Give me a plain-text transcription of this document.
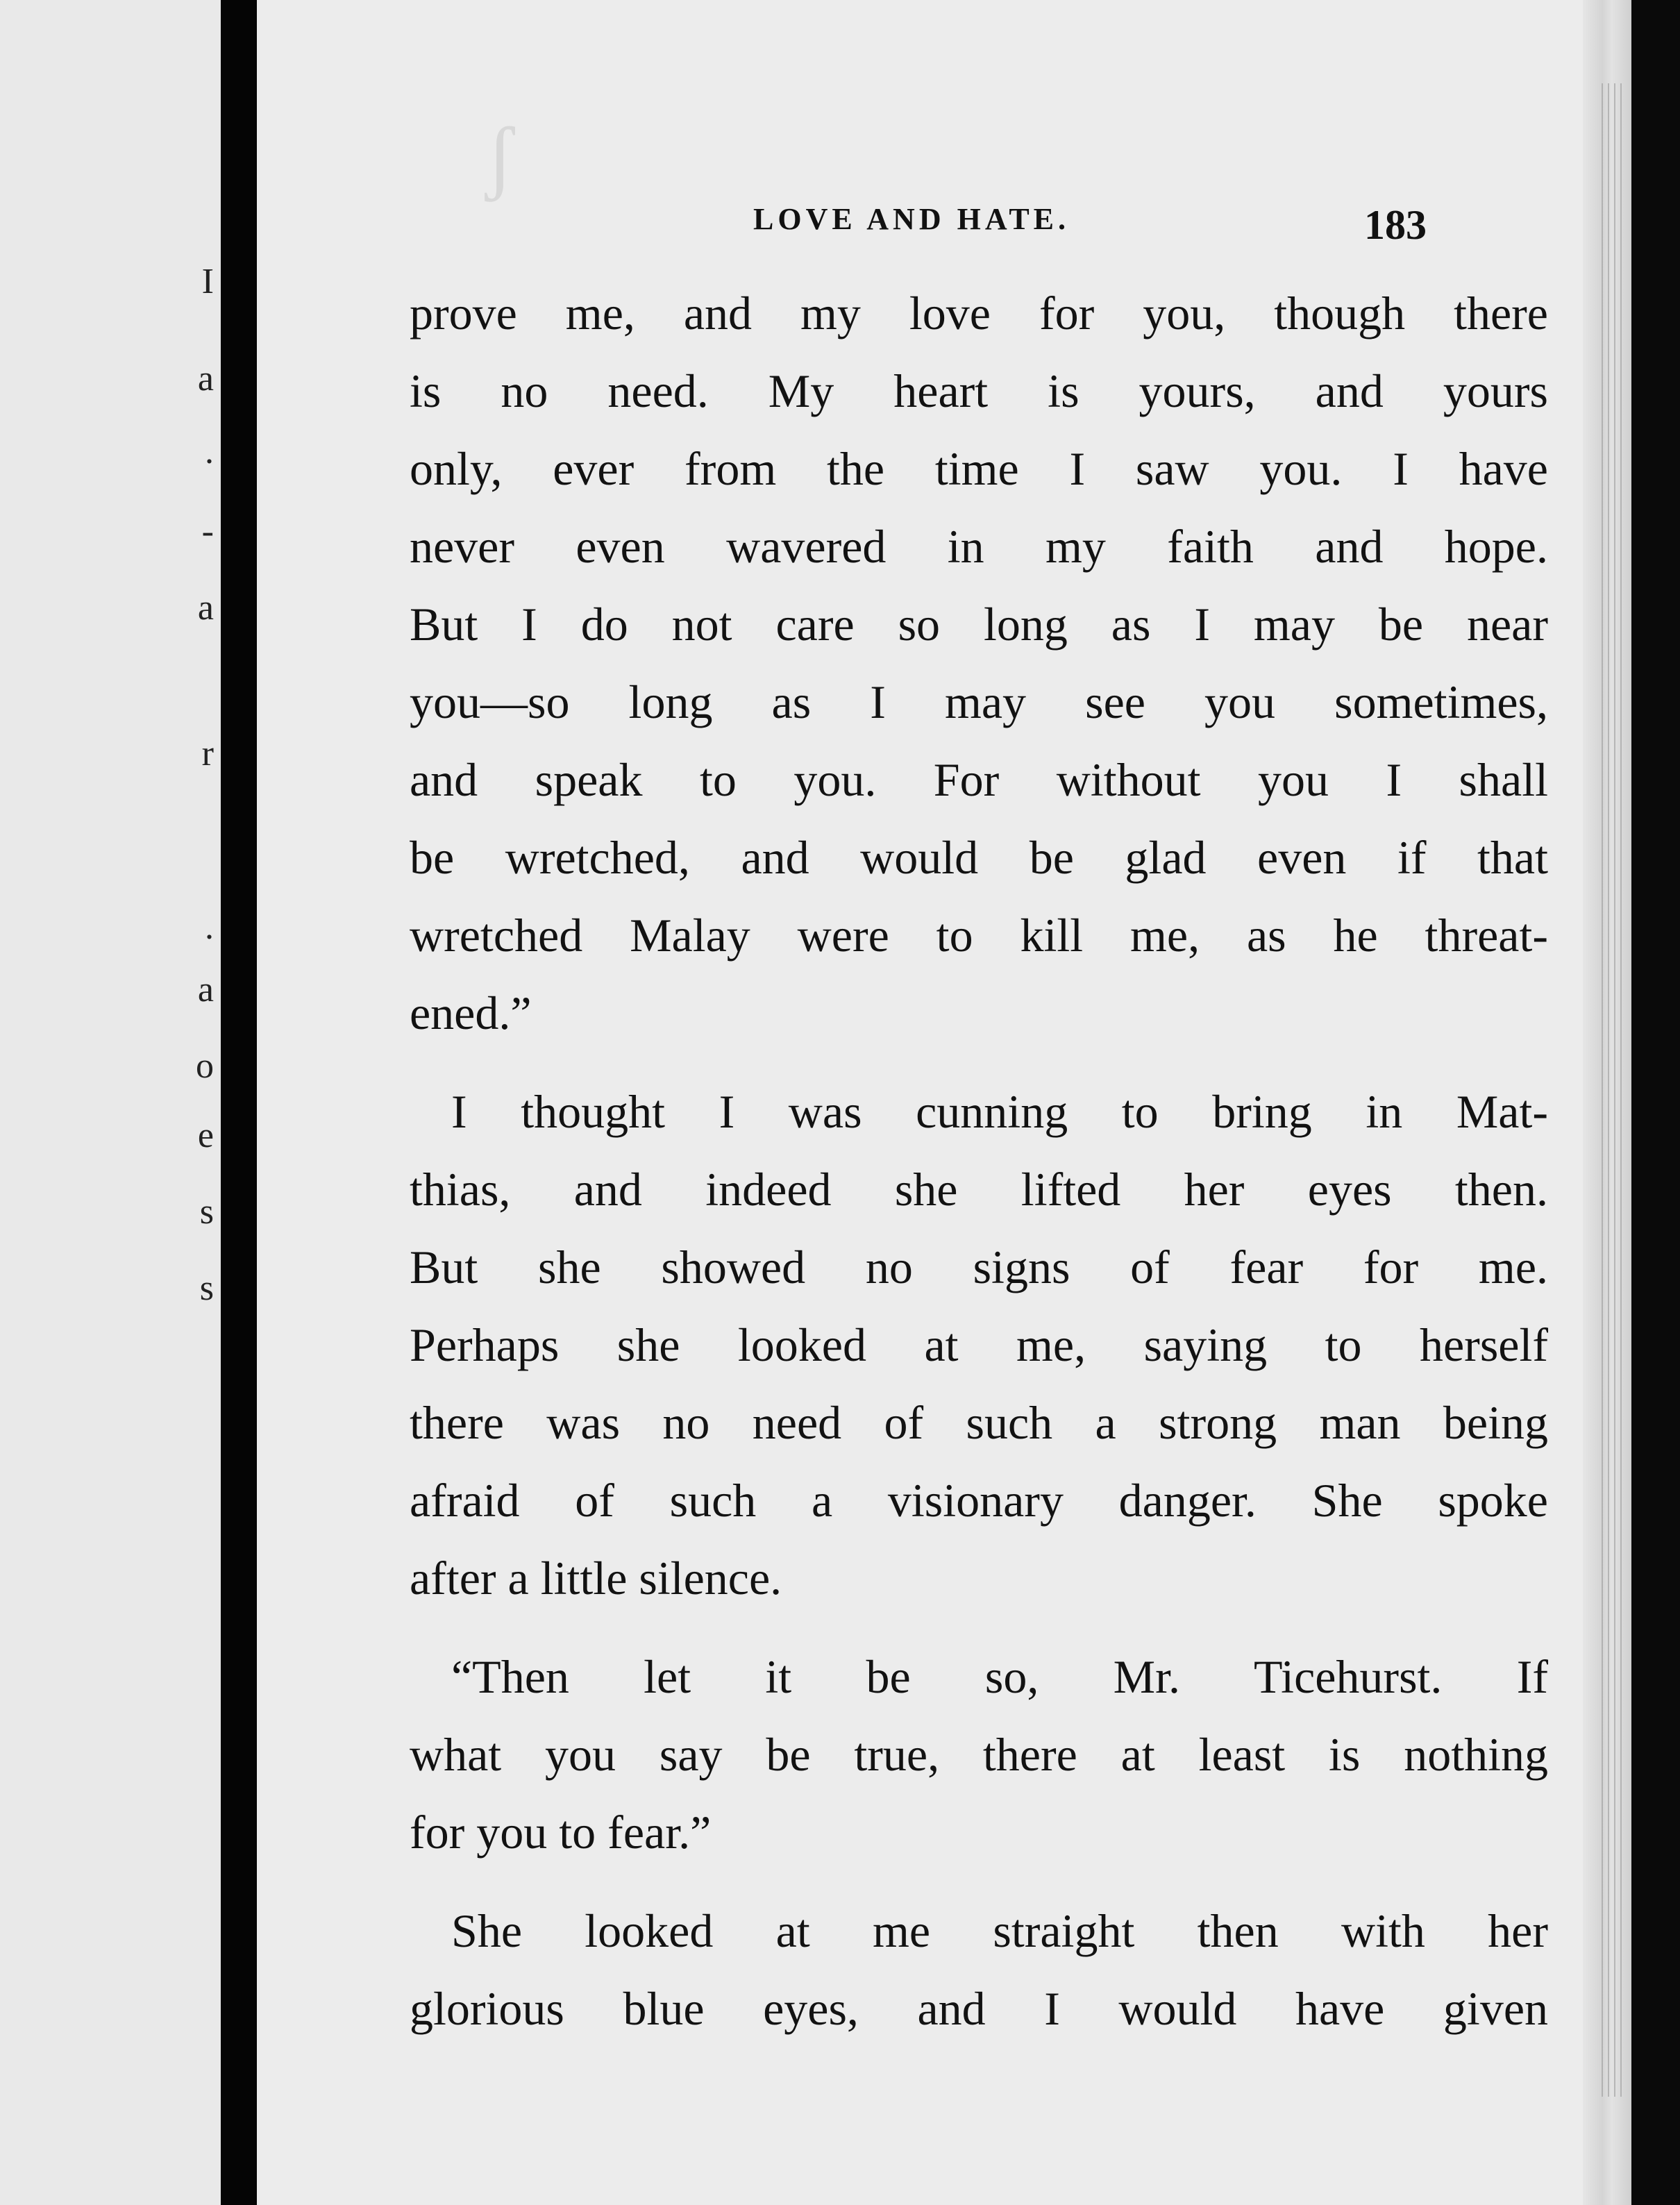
I
a
.
-
a
r
.
a
o
e
s
s
ʃ
LOVE AND HATE.	183
prove me, and my love for you, though there
is no need. My heart is yours, and yours
only, ever from the time I saw you. I have
never even wavered in my faith and hope.
But I do not care so long as I may be near
you—so long as I may see you sometimes,
and speak to you. For without you I shall
be wretched, and would be glad even if that
wretched Malay were to kill me, as he threat-
ened.”
I thought I was cunning to bring in Mat-
thias, and indeed she lifted her eyes then.
But she showed no signs of fear for me.
Perhaps she looked at me, saying to herself
there was no need of such a strong man being
afraid of such a visionary danger. She spoke
after a little silence.
“Then let it be so, Mr. Ticehurst. If
what you say be true, there at least is nothing
for you to fear.”
She looked at me straight then with her
glorious blue eyes, and I would have given
